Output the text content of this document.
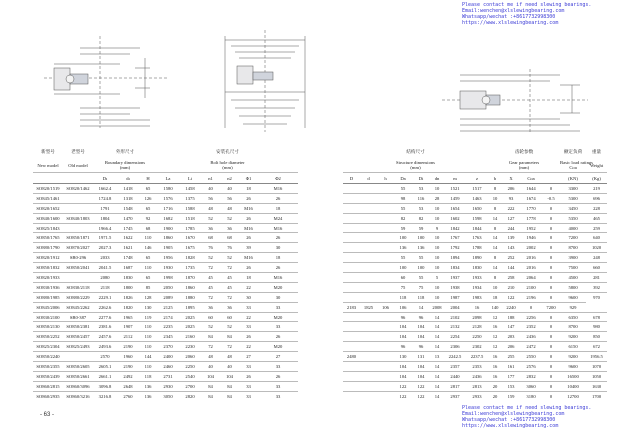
Please contact me if need slewing bearings.
Email:wenchen@xlslewingbearing.com
Whatsapp/wechat :+8617732998300
https://www.xlslewingbearing.com
Please contact me if need slewing bearings.
Email:wenchen@xlslewingbearing.com
Whatsapp/wechat :+8617732998300
https://www.xlslewingbearing.com
新型号	老型号	外形尺寸			安装孔尺寸					
New model	Old model	Boundary dimensions
(mm)			Bolt hole diameter
(mm)					
		Dı	dı	H	La	Li	n1	n2	Φ1	Φ2
SO820/1519	SO820/1462	1662.4	1418	65	1580	1458	40	40	18	M16
SO845/1461		1724.8	1318	126	1576	1375	56	56	26	26
SO820/1652		1791	1548	65	1716	1588	48	48	M16	18
SO840/1600	SO840/1803	1804	1470	92	1682	1518	52	52	26	M24
SO825/1843		1966.4	1745	68	1900	1785	36	36	M16	M16
SO850/1765	SO850/1871	1971.5	1622	110	1860	1670	68	68	26	26
SO880/1790	SO870/2027	2027.3	1621	146	1905	1675	76	76	39	30
SO820/1912	SB0-296	2033	1748	65	1956	1828	52	52	M16	18
SO850/1832	SO850/2041	2041.5	1687	110	1930	1735	72	72	26	26
SO820/1933		2080	1830	65	1998	1870	45	45	18	M16
SO830/1936	SO830/2118	2118	1800	85	2050	1860	45	45	22	M20
SO880/1985	SO880/2229	2229.1	1826	128	2089	1880	72	72	30	30
SO845/2006	SO845/2262	2262.6	1820	130	2125	1895	36	36	33	33
SO830/2100	SB0-387	2277.6	1965	119	2174	2025	60	60	22	M20
SO850/2130	SO850/2381	2381.6	1907	110	2235	2025	52	52	33	33
SO850/2252	SO850/2457	2457.6	2112	110	2345	2160	84	84	26	26
SO825/2304	SO825/2493	2493.6	2190	110	2370	2230	72	72	22	M20
SO850/2240		2570	1960	144	2400	2060	48	48	27	27
SO850/2355	SO850/2605	2605.1	2190	110	2460	2250	40	40	33	33
SO850/2439	SO850/2661	2661.1	2492	118	2731	2540	104	104	26	26
SO860/2815	SO860/3096	3096.8	2648	136	2930	2700	84	84	33	33
SO860/2935	SO860/3216	3216.8	2760	136	3050	2820	84	84	33	33
结构尺寸								齿轮参数				额定负荷	重量
Structure dimensions
(mm)								Gear parameters
(mm)				Basic load ratings
Coa	Weight
D	d	h	Da	Di	dn	m	z	b	X	Coa		(KN)	(Kg)
			55	53	10	1521	1517	8	206	1644	0	3300	219
			98	116	28	1459	1463	10	93	1674	-0.5	5300	696
			55	53	10	1654	1650	8	222	1770	0	3450	228
			82	82	10	1602	1598	14	127	1778	0	5350	465
			59	59	9	1842	1844	8	244	1952	0	4000	259
			100	100	10	1767	1763	14	139	1946	0	7200	640
			136	136	10	1792	1788	14	143	2002	0	8700	1020
			55	55	10	1894	1890	8	252	2016	0	3900	248
			100	100	10	1834	1830	14	144	2016	0	7500	660
			60	55	5	1937	1933	8	258	2064	0	4500	281
			75	75	10	1938	1934	10	210	2100	0	5800	392
			118	118	10	1987	1983	18	122	2196	0	9600	970
2183	1825	106	106	14	2008	2004	16	140	2240	0	7200	929	
			96	96	14	2102	2098	12	188	2256	0	6350	678
			104	104	14	2132	2128	16	147	2352	0	8700	980
			104	104	14	2254	2250	12	203	2436	0	9200	850
			96	96	14	2306	2302	12	206	2472	0	6150	672
2480			130	131	13	2242.5	2237.5	16	255	2550	0	9200	1956.5
			104	104	14	2357	2353	16	161	2576	0	9600	1070
			104	104	14	2440	2436	16	177	2832	0	16500	1050
			122	122	14	2817	2813	20	153	3060	0	10400	1630
			122	122	14	2937	2933	20	159	3180	0	12700	1700
- 63 -
